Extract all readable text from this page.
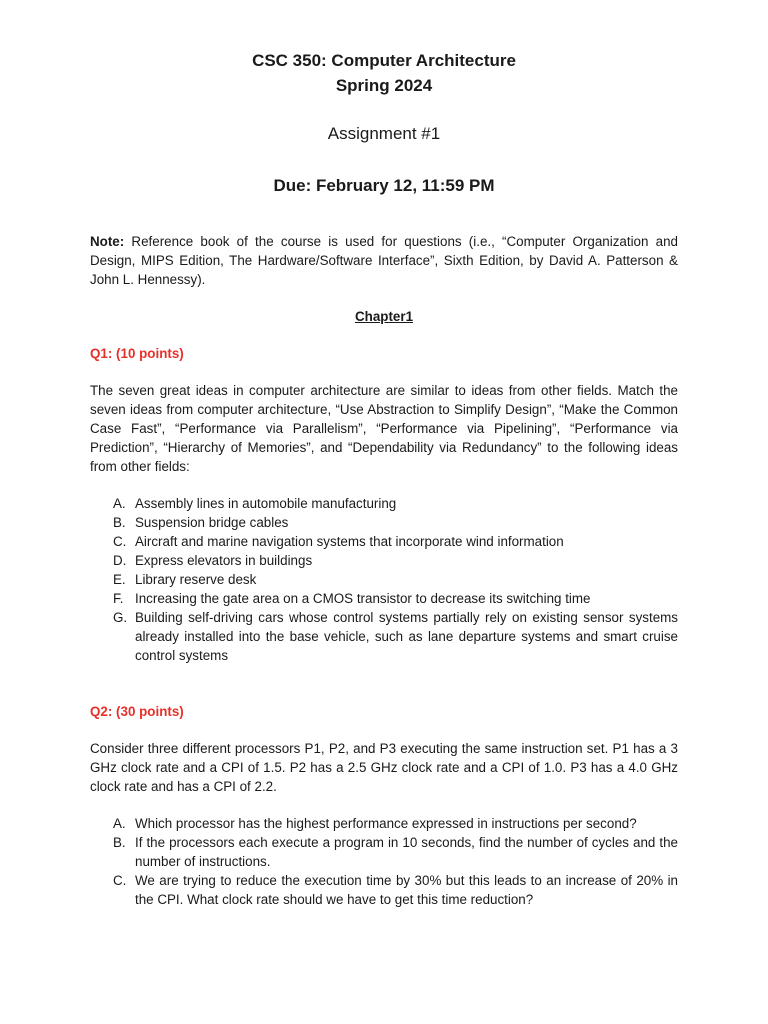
CSC 350: Computer Architecture
Spring 2024
Assignment #1
Due: February 12, 11:59 PM
Note: Reference book of the course is used for questions (i.e., “Computer Organization and Design, MIPS Edition, The Hardware/Software Interface”, Sixth Edition, by David A. Patterson & John L. Hennessy).
Chapter1
Q1: (10 points)
The seven great ideas in computer architecture are similar to ideas from other fields. Match the seven ideas from computer architecture, “Use Abstraction to Simplify Design”, “Make the Common Case Fast”, “Performance via Parallelism”, “Performance via Pipelining”, “Performance via Prediction”, “Hierarchy of Memories”, and “Dependability via Redundancy” to the following ideas from other fields:
A. Assembly lines in automobile manufacturing
B. Suspension bridge cables
C. Aircraft and marine navigation systems that incorporate wind information
D. Express elevators in buildings
E. Library reserve desk
F. Increasing the gate area on a CMOS transistor to decrease its switching time
G. Building self-driving cars whose control systems partially rely on existing sensor systems already installed into the base vehicle, such as lane departure systems and smart cruise control systems
Q2: (30 points)
Consider three different processors P1, P2, and P3 executing the same instruction set. P1 has a 3 GHz clock rate and a CPI of 1.5. P2 has a 2.5 GHz clock rate and a CPI of 1.0. P3 has a 4.0 GHz clock rate and has a CPI of 2.2.
A. Which processor has the highest performance expressed in instructions per second?
B. If the processors each execute a program in 10 seconds, find the number of cycles and the number of instructions.
C. We are trying to reduce the execution time by 30% but this leads to an increase of 20% in the CPI. What clock rate should we have to get this time reduction?
